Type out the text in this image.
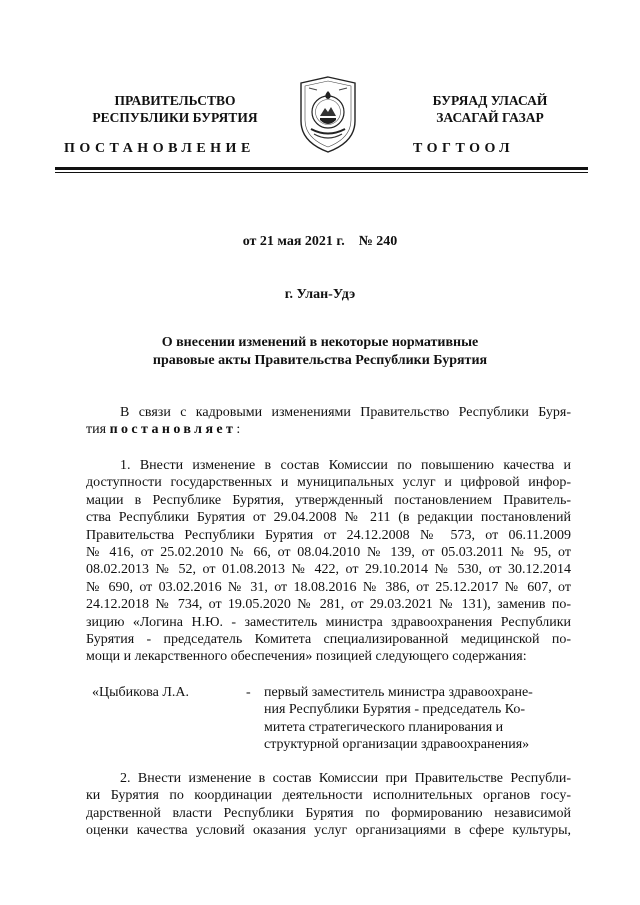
ПРАВИТЕЛЬСТВО
РЕСПУБЛИКИ БУРЯТИЯ
БУРЯАД УЛАСАЙ
ЗАСАГАЙ ГАЗАР
ПОСТАНОВЛЕНИЕ	ТОГТООЛ
от 21 мая 2021 г.    № 240
г. Улан-Удэ
О внесении изменений в некоторые нормативные
правовые акты Правительства Республики Бурятия
В связи с кадровыми изменениями Правительство Республики Буря-
тия постановляет:
1. Внести изменение в состав Комиссии по повышению качества и
доступности государственных и муниципальных услуг и цифровой инфор-
мации в Республике Бурятия, утвержденный постановлением Правитель-
ства Республики Бурятия от 29.04.2008 № 211 (в редакции постановлений
Правительства Республики Бурятия от 24.12.2008 № 573, от 06.11.2009
№ 416, от 25.02.2010 № 66, от 08.04.2010 № 139, от 05.03.2011 № 95, от
08.02.2013 № 52, от 01.08.2013 № 422, от 29.10.2014 № 530, от 30.12.2014
№ 690, от 03.02.2016 № 31, от 18.08.2016 № 386, от 25.12.2017 № 607, от
24.12.2018 № 734, от 19.05.2020 № 281, от 29.03.2021 № 131), заменив по-
зицию «Логина Н.Ю. - заместитель министра здравоохранения Республики
Бурятия - председатель Комитета специализированной медицинской по-
мощи и лекарственного обеспечения» позицией следующего содержания:
«Цыбикова Л.А.	- первый заместитель министра здравоохране-
ния Республики Бурятия - председатель Ко-
митета стратегического планирования и
структурной организации здравоохранения»
2. Внести изменение в состав Комиссии при Правительстве Республи-
ки Бурятия по координации деятельности исполнительных органов госу-
дарственной власти Республики Бурятия по формированию независимой
оценки качества условий оказания услуг организациями в сфере культуры,
